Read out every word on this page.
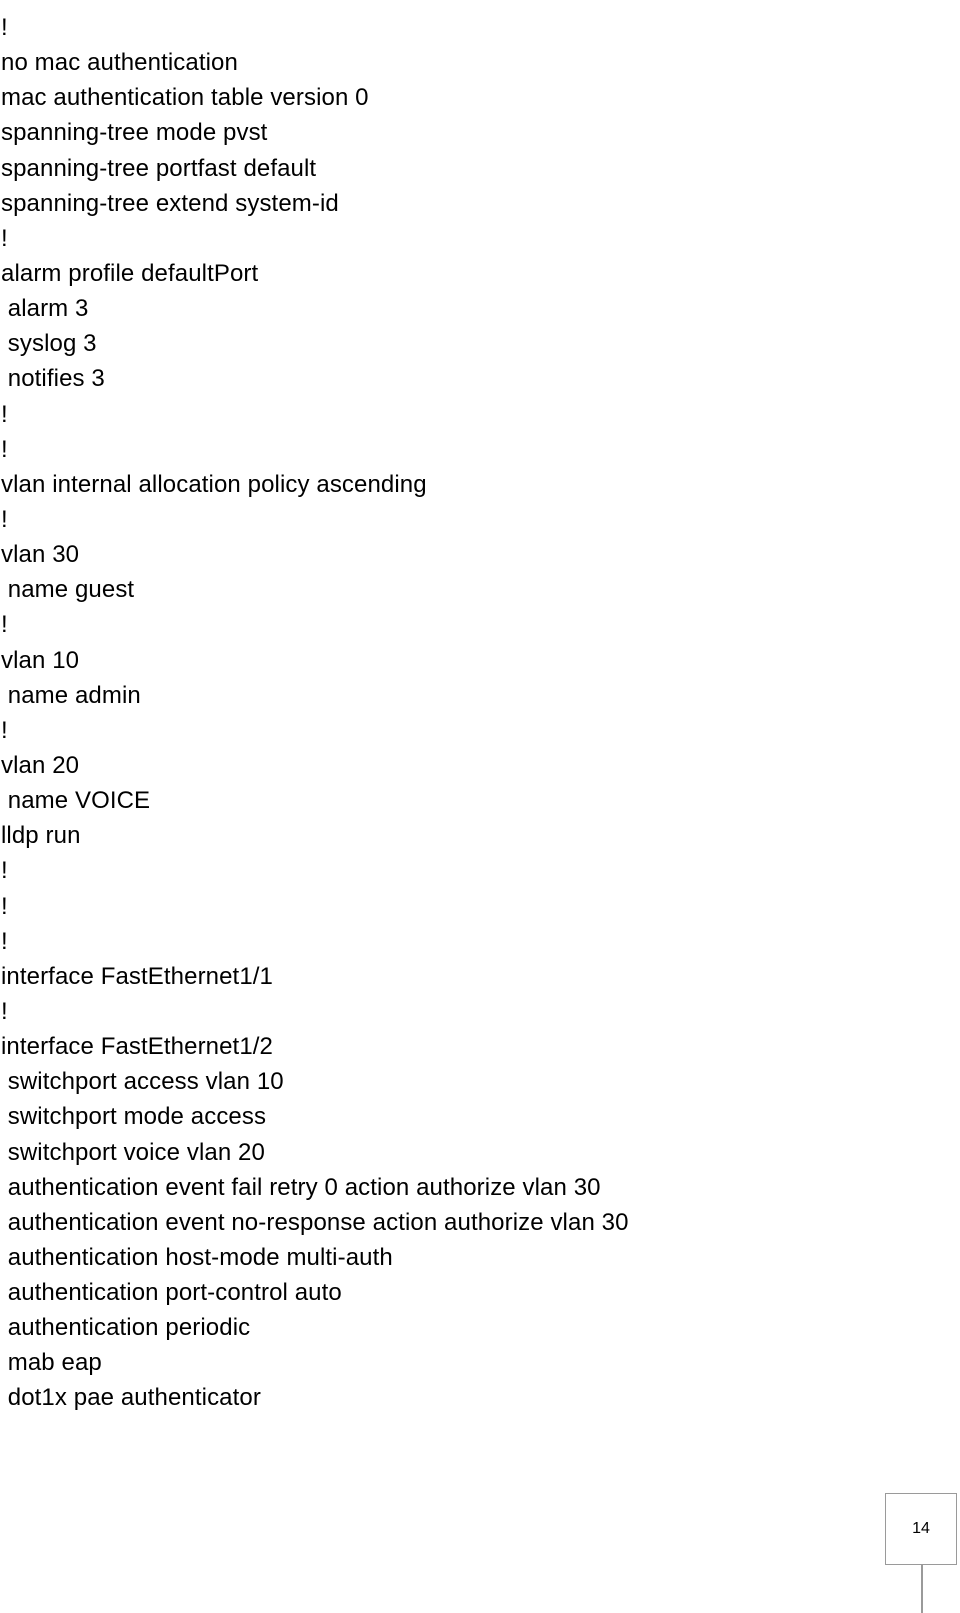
!
no mac authentication
mac authentication table version 0
spanning-tree mode pvst
spanning-tree portfast default
spanning-tree extend system-id
!
alarm profile defaultPort
alarm 3
syslog 3
notifies 3
!
!
vlan internal allocation policy ascending
!
vlan 30
name guest
!
vlan 10
name admin
!
vlan 20
name VOICE
lldp run
!
!
!
interface FastEthernet1/1
!
interface FastEthernet1/2
switchport access vlan 10
switchport mode access
switchport voice vlan 20
authentication event fail retry 0 action authorize vlan 30
authentication event no-response action authorize vlan 30
authentication host-mode multi-auth
authentication port-control auto
authentication periodic
mab eap
dot1x pae authenticator
14
